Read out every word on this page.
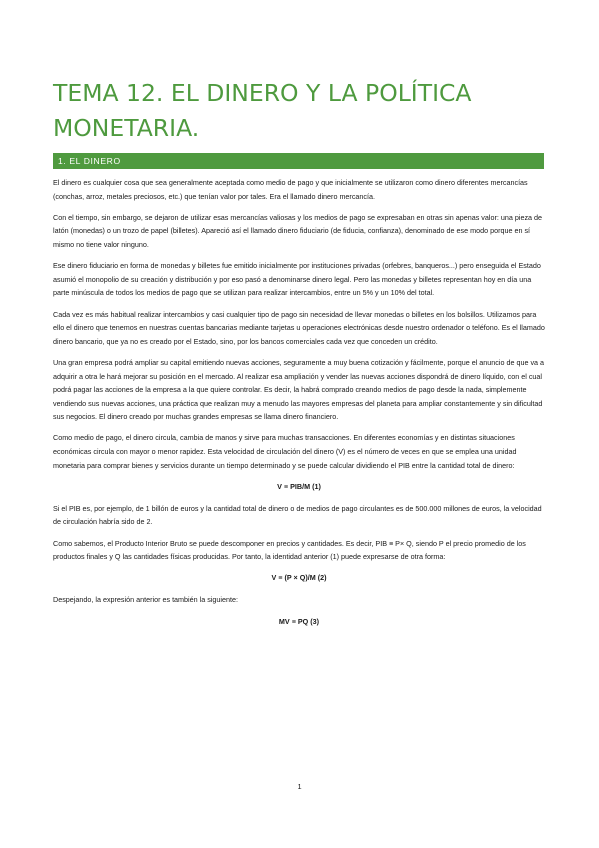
TEMA 12. EL DINERO Y LA POLÍTICA MONETARIA.
1. EL DINERO

El dinero es cualquier cosa que sea generalmente aceptada como medio de pago y que inicialmente se utilizaron como dinero diferentes mercancías (conchas, arroz, metales preciosos, etc.) que tenían valor por tales. Era el llamado dinero mercancía.

Con el tiempo, sin embargo, se dejaron de utilizar esas mercancías valiosas y los medios de pago se expresaban en otras sin apenas valor: una pieza de latón (monedas) o un trozo de papel (billetes). Apareció así el llamado dinero fiduciario (de fiducia, confianza), denominado de ese modo porque en sí mismo no tiene valor ninguno.

Ese dinero fiduciario en forma de monedas y billetes fue emitido inicialmente por instituciones privadas (orfebres, banqueros...) pero enseguida el Estado asumió el monopolio de su creación y distribución y por eso pasó a denominarse dinero legal. Pero las monedas y billetes representan hoy en día una parte minúscula de todos los medios de pago que se utilizan para realizar intercambios, entre un 5% y un 10% del total.

Cada vez es más habitual realizar intercambios y casi cualquier tipo de pago sin necesidad de llevar monedas o billetes en los bolsillos. Utilizamos para ello el dinero que tenemos en nuestras cuentas bancarias mediante tarjetas u operaciones electrónicas desde nuestro ordenador o teléfono. Es el llamado dinero bancario, que ya no es creado por el Estado, sino, por los bancos comerciales cada vez que conceden un crédito.

Una gran empresa podrá ampliar su capital emitiendo nuevas acciones, seguramente a muy buena cotización y fácilmente, porque el anuncio de que va a adquirir a otra le hará mejorar su posición en el mercado. Al realizar esa ampliación y vender las nuevas acciones dispondrá de dinero líquido, con el cual podrá pagar las acciones de la empresa a la que quiere controlar. Es decir, la habrá comprado creando medios de pago desde la nada, simplemente vendiendo sus nuevas acciones, una práctica que realizan muy a menudo las mayores empresas del planeta para ampliar constantemente y sin dificultad sus negocios. El dinero creado por muchas grandes empresas se llama dinero financiero.

Como medio de pago, el dinero circula, cambia de manos y sirve para muchas transacciones. En diferentes economías y en distintas situaciones económicas circula con mayor o menor rapidez. Esta velocidad de circulación del dinero (V) es el número de veces en que se emplea una unidad monetaria para comprar bienes y servicios durante un tiempo determinado y se puede calcular dividiendo el PIB entre la cantidad total de dinero:

V ≡ PIB/M (1)

Si el PIB es, por ejemplo, de 1 billón de euros y la cantidad total de dinero o de medios de pago circulantes es de 500.000 millones de euros, la velocidad de circulación habría sido de 2.

Como sabemos, el Producto Interior Bruto se puede descomponer en precios y cantidades. Es decir, PIB ≡ P× Q, siendo P el precio promedio de los productos finales y Q las cantidades físicas producidas. Por tanto, la identidad anterior (1) puede expresarse de otra forma:

V ≡ (P × Q)/M (2)

Despejando, la expresión anterior es también la siguiente:

MV ≡ PQ (3)

1
